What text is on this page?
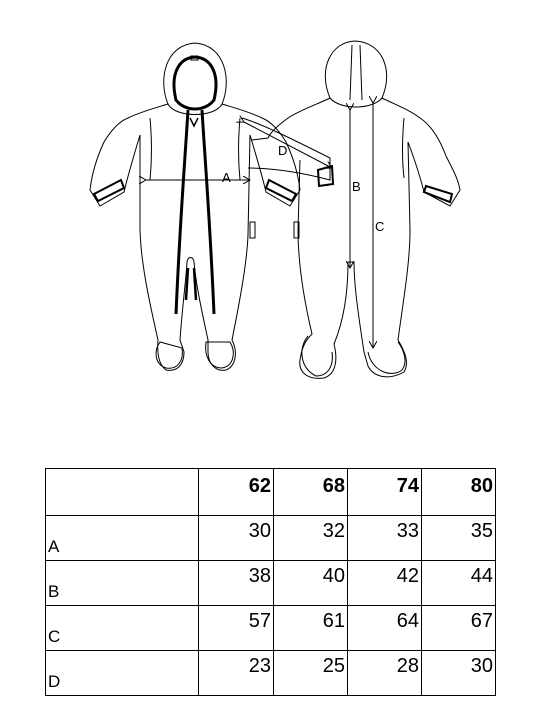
A
D
B
C
	62	68	74	80
A	30	32	33	35
B	38	40	42	44
C	57	61	64	67
D	23	25	28	30
